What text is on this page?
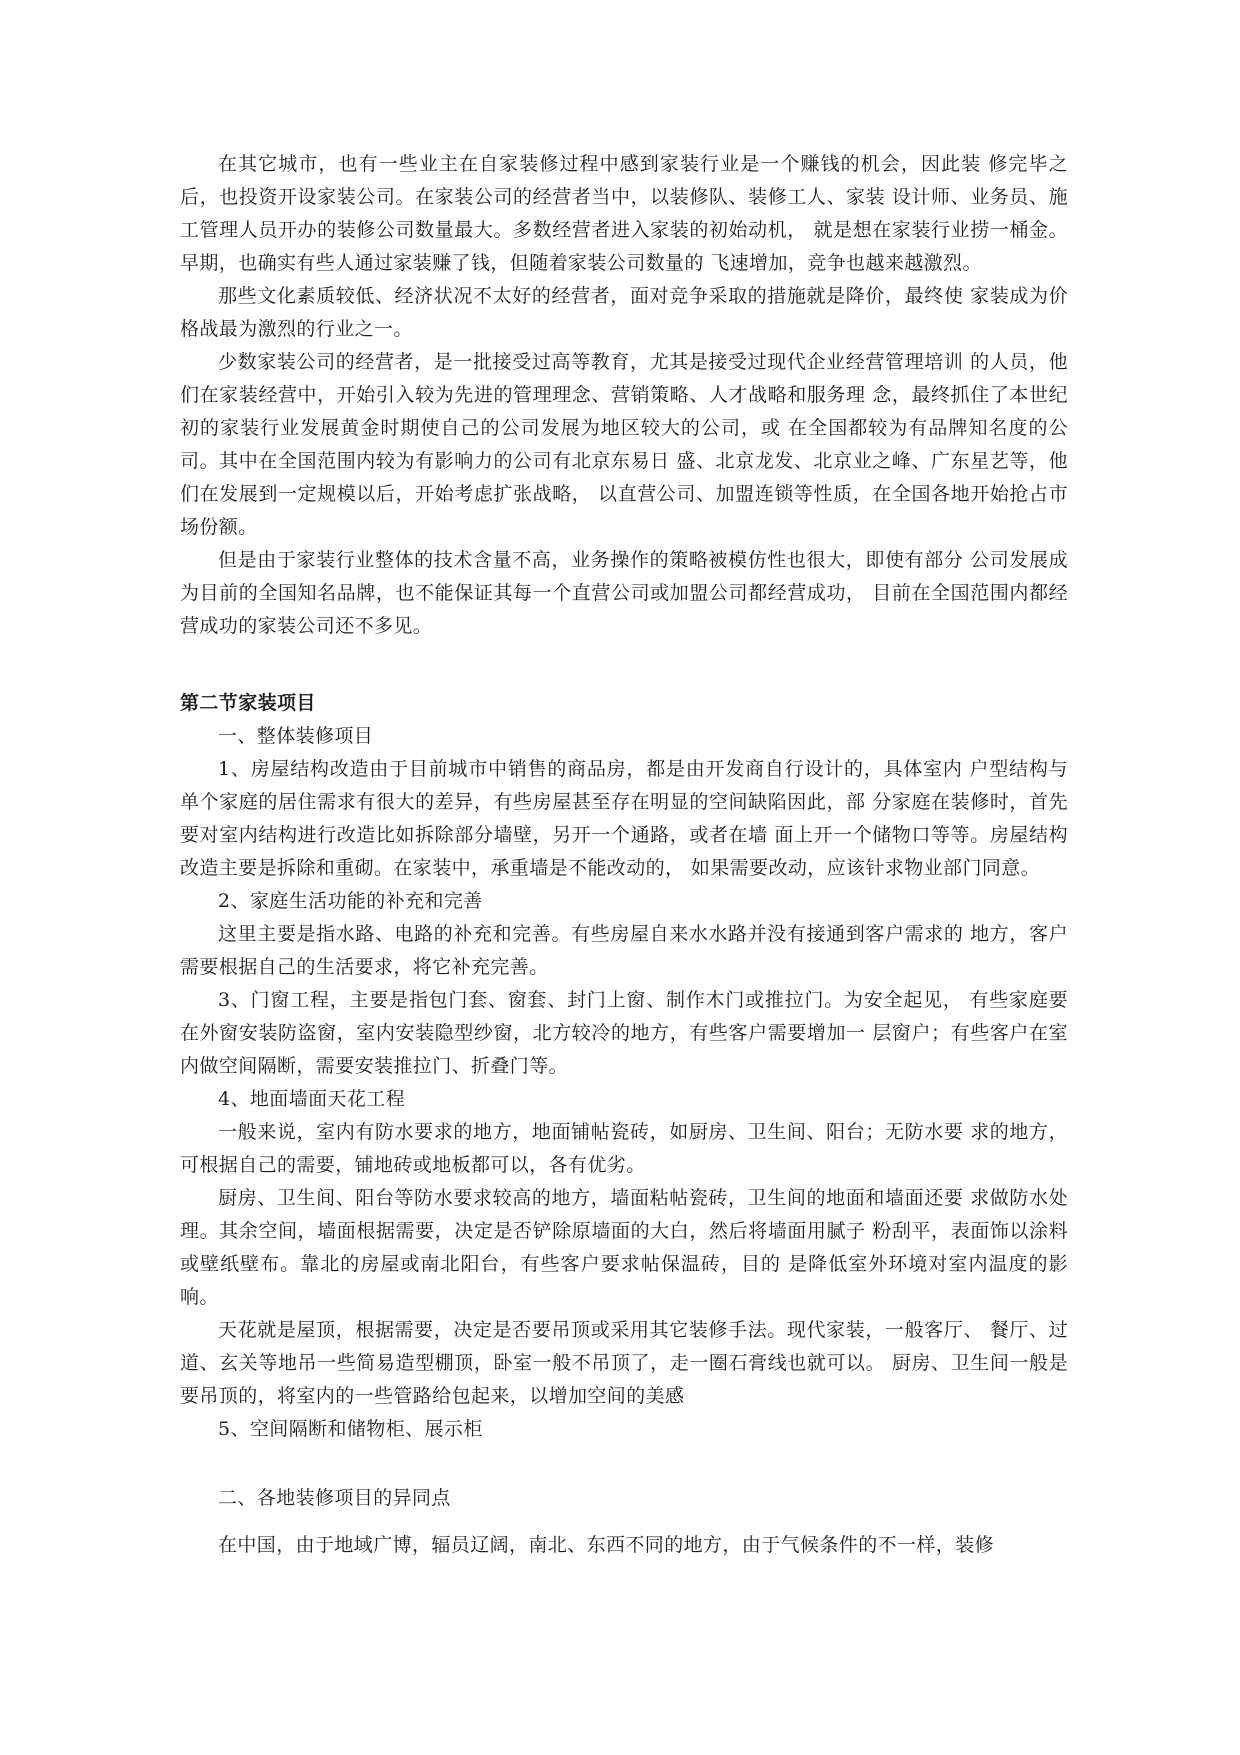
在其它城市，也有一些业主在自家装修过程中感到家装行业是一个赚钱的机会，因此装 修完毕之后，也投资开设家装公司。在家装公司的经营者当中，以装修队、装修工人、家装 设计师、业务员、施工管理人员开办的装修公司数量最大。多数经营者进入家装的初始动机， 就是想在家装行业捞一桶金。早期，也确实有些人通过家装赚了钱，但随着家装公司数量的 飞速增加，竞争也越来越激烈。

那些文化素质较低、经济状况不太好的经营者，面对竞争采取的措施就是降价，最终使 家装成为价格战最为激烈的行业之一。

少数家装公司的经营者，是一批接受过高等教育，尤其是接受过现代企业经营管理培训 的人员，他们在家装经营中，开始引入较为先进的管理理念、营销策略、人才战略和服务理 念，最终抓住了本世纪初的家装行业发展黄金时期使自己的公司发展为地区较大的公司，或 在全国都较为有品牌知名度的公司。其中在全国范围内较为有影响力的公司有北京东易日 盛、北京龙发、北京业之峰、广东星艺等，他们在发展到一定规模以后，开始考虑扩张战略， 以直营公司、加盟连锁等性质，在全国各地开始抢占市场份额。

但是由于家装行业整体的技术含量不高，业务操作的策略被模仿性也很大，即使有部分 公司发展成为目前的全国知名品牌，也不能保证其每一个直营公司或加盟公司都经营成功， 目前在全国范围内都经营成功的家装公司还不多见。

第二节家装项目

一、整体装修项目

1、房屋结构改造由于目前城市中销售的商品房，都是由开发商自行设计的，具体室内 户型结构与单个家庭的居住需求有很大的差异，有些房屋甚至存在明显的空间缺陷因此，部 分家庭在装修时，首先要对室内结构进行改造比如拆除部分墙壁，另开一个通路，或者在墙 面上开一个储物口等等。房屋结构改造主要是拆除和重砌。在家装中，承重墙是不能改动的， 如果需要改动，应该针求物业部门同意。

2、家庭生活功能的补充和完善

这里主要是指水路、电路的补充和完善。有些房屋自来水水路并没有接通到客户需求的 地方，客户需要根据自己的生活要求，将它补充完善。

3、门窗工程，主要是指包门套、窗套、封门上窗、制作木门或推拉门。为安全起见， 有些家庭要在外窗安装防盗窗，室内安装隐型纱窗，北方较冷的地方，有些客户需要增加一 层窗户；有些客户在室内做空间隔断，需要安装推拉门、折叠门等。

4、地面墙面天花工程

一般来说，室内有防水要求的地方，地面铺帖瓷砖，如厨房、卫生间、阳台；无防水要 求的地方，可根据自己的需要，铺地砖或地板都可以，各有优劣。

厨房、卫生间、阳台等防水要求较高的地方，墙面粘帖瓷砖，卫生间的地面和墙面还要 求做防水处理。其余空间，墙面根据需要，决定是否铲除原墙面的大白，然后将墙面用腻子 粉刮平，表面饰以涂料或壁纸壁布。靠北的房屋或南北阳台，有些客户要求帖保温砖，目的 是降低室外环境对室内温度的影响。

天花就是屋顶，根据需要，决定是否要吊顶或采用其它装修手法。现代家装，一般客厅、 餐厅、过道、玄关等地吊一些简易造型棚顶，卧室一般不吊顶了，走一圈石膏线也就可以。 厨房、卫生间一般是要吊顶的，将室内的一些管路给包起来，以增加空间的美感

5、空间隔断和储物柜、展示柜

二、各地装修项目的异同点

在中国，由于地域广博，辐员辽阔，南北、东西不同的地方，由于气候条件的不一样，装修
